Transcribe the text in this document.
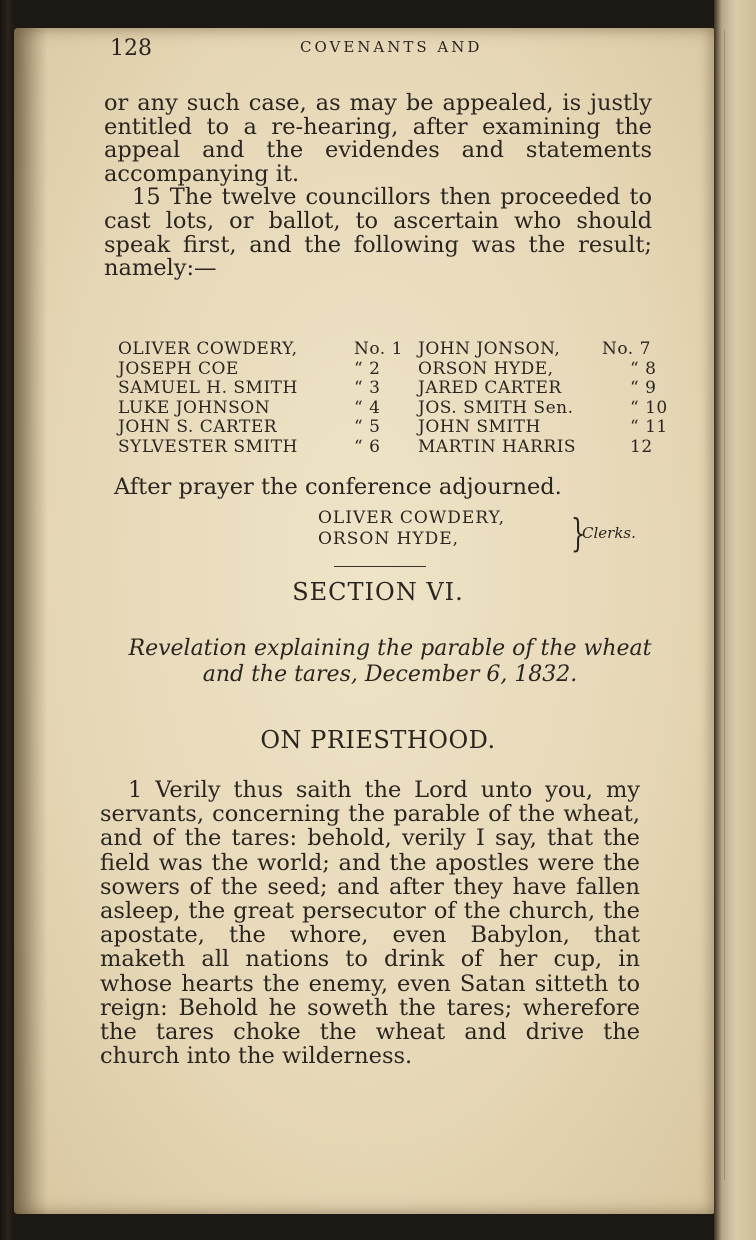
128	COVENANTS AND
or any such case, as may be appealed, is justly entitled to a re-hearing, after examining the appeal and the evidendes and statements accompanying it.
15 The twelve councillors then proceeded to cast lots, or ballot, to ascertain who should speak first, and the following was the result; namely:—
OLIVER COWDERY,	No. 1 JOHN JONSON, No. 7
JOSEPH COE	“ 2 ORSON HYDE,	“ 8
SAMUEL H. SMITH	“ 3 JARED CARTER	“ 9
LUKE JOHNSON	“ 4 JOS. SMITH Sen.	“ 10
JOHN S. CARTER	“ 5 JOHN SMITH	“ 11
SYLVESTER SMITH	“ 6 MARTIN HARRIS	12
After prayer the conference adjourned.
OLIVER COWDERY,
ORSON HYDE,	}
Clerks.
SECTION VI.
Revelation explaining the parable of the wheat
and the tares, December 6, 1832.
ON PRIESTHOOD.
1 Verily thus saith the Lord unto you, my servants, concerning the parable of the wheat, and of the tares: behold, verily I say, that the field was the world; and the apostles were the sowers of the seed; and after they have fallen asleep, the great persecutor of the church, the apostate, the whore, even Babylon, that maketh all nations to drink of her cup, in whose hearts the enemy, even Satan sitteth to reign: Behold he soweth the tares; wherefore the tares choke the wheat and drive the church into the wilderness.
